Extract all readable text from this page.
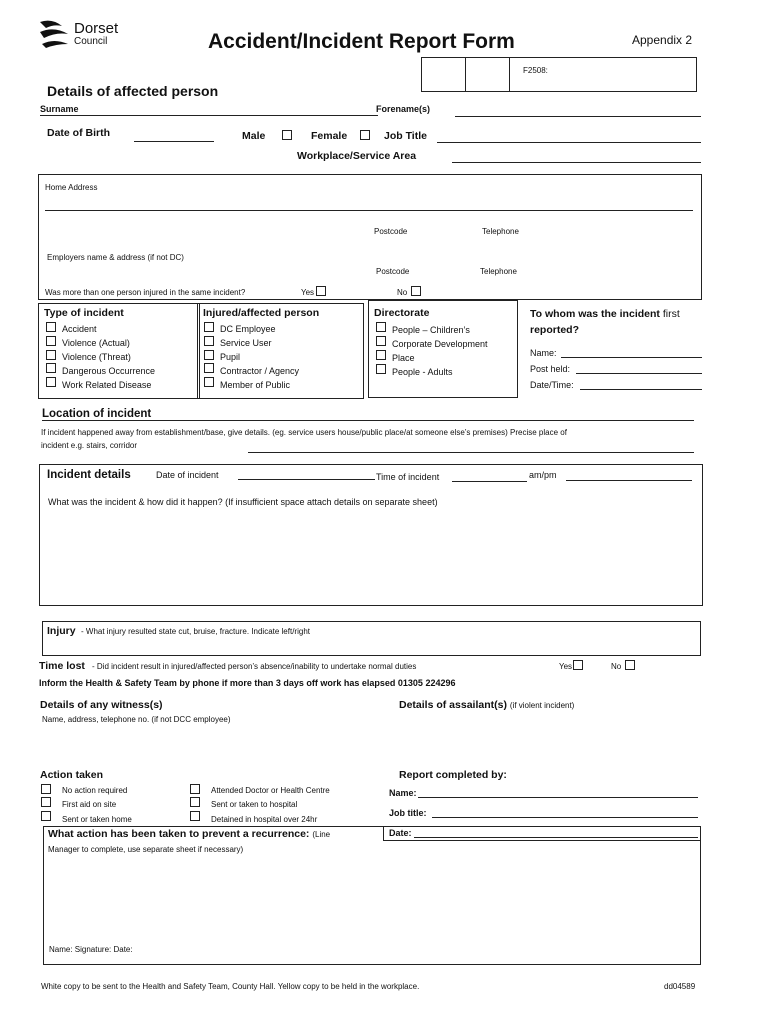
Dorset
Council	Accident/Incident Report Form	Appendix 2
F2508:
Details of affected person
Surname	Forename(s)
Date of Birth	Male	Female	Job Title
Workplace/Service Area
Home Address
Postcode	Telephone
Employers name & address (if not DC)
Postcode	Telephone
Was more than one person injured in the same incident?	Yes	No
Type of incident
Accident
Violence (Actual)
Violence (Threat)
Dangerous Occurrence
Work Related Disease
Injured/affected person
DC Employee
Service User
Pupil
Contractor / Agency
Member of Public
Directorate
People – Children’s
Corporate Development
Place
People - Adults
To whom was the incident first
reported?
Name:
Post held:
Date/Time:
Location of incident
If incident happened away from establishment/base, give details. (eg. service users house/public place/at someone else’s premises) Precise place of
incident e.g. stairs, corridor
Incident details	Date of incident	Time of incident	am/pm
What was the incident & how did it happen? (If insufficient space attach details on separate sheet)
Injury - What injury resulted state cut, bruise, fracture. Indicate left/right
Time lost - Did incident result in injured/affected person’s absence/inability to undertake normal duties	Yes	No
Inform the Health & Safety Team by phone if more than 3 days off work has elapsed 01305 224296
Details of any witness(s)
Name, address, telephone no. (if not DCC employee)
Details of assailant(s) (if violent incident)
Action taken
No action required
First aid on site
Sent or taken home
Attended Doctor or Health Centre
Sent or taken to hospital
Detained in hospital over 24hr
Report completed by:
Name:
Job title:
Date:
What action has been taken to prevent a recurrence: (Line
Manager to complete, use separate sheet if necessary)
Name: Signature: Date:
White copy to be sent to the Health and Safety Team, County Hall. Yellow copy to be held in the workplace.	dd04589
